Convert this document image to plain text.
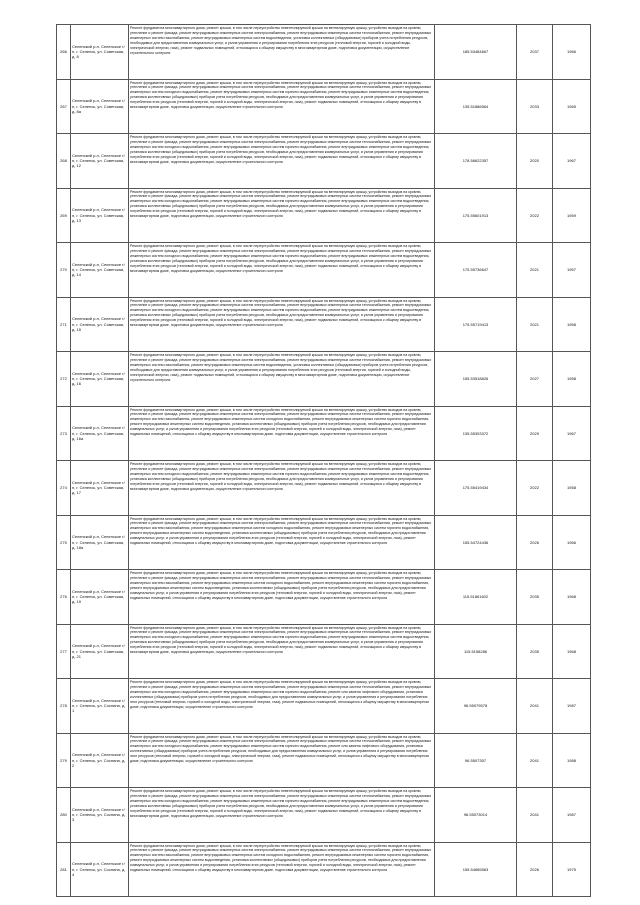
266	Селенский р-н, Селенское г/п, г. Селенск, ул. Советская, д. 8	Ремонт фундамента многоквартирного дома, ремонт крыши, в том числе переустройство невентилируемой крыши на вентилируемую крышу, устройство выходов на кровлю, утепление и ремонт фасада, ремонт внутридомовых инженерных систем электроснабжения, ремонт внутридомовых инженерных систем теплоснабжения, ремонт внутридомовых инженерных систем газоснабжения, ремонт внутридомовых инженерных систем водоотведения, установка коллективных (общедомовых) приборов учета потребления ресурсов, необходимых для предоставления коммунальных услуг, и узлов управления и регулирования потребления этих ресурсов (тепловой энергии, горячей и холодной воды, электрической энергии, газа), ремонт подвальных помещений, относящихся к общему имуществу в многоквартирном доме, подготовка документации, осуществление строительного контроля	185.53484667	2037	1966
267	Селенский р-н, Селенское г/п, г. Селенск, ул. Советская, д. 8а	Ремонт фундамента многоквартирного дома, ремонт крыши, в том числе переустройство невентилируемой крыши на вентилируемую крышу, устройство выходов на кровлю, утепление и ремонт фасада, ремонт внутридомовых инженерных систем электроснабжения, ремонт внутридомовых инженерных систем теплоснабжения, ремонт внутридомовых инженерных систем холодного водоснабжения, ремонт внутридомовых инженерных систем горячего водоснабжения, ремонт внутридомовых инженерных систем водоотведения, установка коллективных (общедомовых) приборов учета потребления ресурсов, необходимых для предоставления коммунальных услуг, и узлов управления и регулирования потребления этих ресурсов (тепловой энергии, горячей и холодной воды, электрической энергии, газа), ремонт подвальных помещений, относящихся к общему имуществу в многоквартирном доме, подготовка документации, осуществление строительного контроля	135.51886564	2033	1965
268	Селенский р-н, Селенское г/п, г. Селенск, ул. Советская, д. 12	Ремонт фундамента многоквартирного дома, ремонт крыши, в том числе переустройство невентилируемой крыши на вентилируемую крышу, устройство выходов на кровлю, утепление и ремонт фасада, ремонт внутридомовых инженерных систем электроснабжения, ремонт внутридомовых инженерных систем теплоснабжения, ремонт внутридомовых инженерных систем холодного водоснабжения, ремонт внутридомовых инженерных систем горячего водоснабжения, ремонт внутридомовых инженерных систем водоотведения, установка коллективных (общедомовых) приборов учета потребления ресурсов, необходимых для предоставления коммунальных услуг, и узлов управления и регулирования потребления этих ресурсов (тепловой энергии, горячей и холодной воды, электрической энергии, газа), ремонт подвальных помещений, относящихся к общему имуществу в многоквартирном доме, подготовка документации, осуществление строительного контроля	178.56622357	2020	1967
269	Селенский р-н, Селенское г/п, г. Селенск, ул. Советская, д. 13	Ремонт фундамента многоквартирного дома, ремонт крыши, в том числе переустройство невентилируемой крыши на вентилируемую крышу, устройство выходов на кровлю, утепление и ремонт фасада, ремонт внутридомовых инженерных систем электроснабжения, ремонт внутридомовых инженерных систем теплоснабжения, ремонт внутридомовых инженерных систем холодного водоснабжения, ремонт внутридомовых инженерных систем горячего водоснабжения, ремонт внутридомовых инженерных систем водоотведения, установка коллективных (общедомовых) приборов учета потребления ресурсов, необходимых для предоставления коммунальных услуг, и узлов управления и регулирования потребления этих ресурсов (тепловой энергии, горячей и холодной воды, электрической энергии, газа), ремонт подвальных помещений, относящихся к общему имуществу в многоквартирном доме, подготовка документации, осуществление строительного контроля	175.55601913	2022	1959
270	Селенский р-н, Селенское г/п, г. Селенск, ул. Советская, д. 14	Ремонт фундамента многоквартирного дома, ремонт крыши, в том числе переустройство невентилируемой крыши на вентилируемую крышу, устройство выходов на кровлю, утепление и ремонт фасада, ремонт внутридомовых инженерных систем электроснабжения, ремонт внутридомовых инженерных систем теплоснабжения, ремонт внутридомовых инженерных систем холодного водоснабжения, ремонт внутридомовых инженерных систем горячего водоснабжения, ремонт внутридомовых инженерных систем водоотведения, установка коллективных (общедомовых) приборов учета потребления ресурсов, необходимых для предоставления коммунальных услуг, и узлов управления и регулирования потребления этих ресурсов (тепловой энергии, горячей и холодной воды, электрической энергии, газа), ремонт подвальных помещений, относящихся к общему имуществу в многоквартирном доме, подготовка документации, осуществление строительного контроля	175.55736647	2021	1957
271	Селенский р-н, Селенское г/п, г. Селенск, ул. Советская, д. 15	Ремонт фундамента многоквартирного дома, ремонт крыши, в том числе переустройство невентилируемой крыши на вентилируемую крышу, устройство выходов на кровлю, утепление и ремонт фасада, ремонт внутридомовых инженерных систем электроснабжения, ремонт внутридомовых инженерных систем теплоснабжения, ремонт внутридомовых инженерных систем холодного водоснабжения, ремонт внутридомовых инженерных систем горячего водоснабжения, ремонт внутридомовых инженерных систем водоотведения, установка коллективных (общедомовых) приборов учета потребления ресурсов, необходимых для предоставления коммунальных услуг, и узлов управления и регулирования потребления этих ресурсов (тепловой энергии, горячей и холодной воды, электрической энергии, газа), ремонт подвальных помещений, относящихся к общему имуществу в многоквартирном доме, подготовка документации, осуществление строительного контроля	175.55719413	2021	1958
272	Селенский р-н, Селенское г/п, г. Селенск, ул. Советская, д. 16	Ремонт фундамента многоквартирного дома, ремонт крыши, в том числе переустройство невентилируемой крыши на вентилируемую крышу, устройство выходов на кровлю, утепление и ремонт фасада, ремонт внутридомовых инженерных систем электроснабжения, ремонт внутридомовых инженерных систем теплоснабжения, ремонт внутридомовых инженерных систем газоснабжения, ремонт внутридомовых инженерных систем водоотведения, установка коллективных (общедомовых) приборов учета потребления ресурсов, необходимых для предоставления коммунальных услуг, и узлов управления и регулирования потребления этих ресурсов (тепловой энергии, горячей и холодной воды, электрической энергии, газа), ремонт подвальных помещений, относящихся к общему имуществу в многоквартирном доме, подготовка документации, осуществление строительного контроля	155.53518826	2027	1958
273	Селенский р-н, Селенское г/п, г. Селенск, ул. Советская, д. 16а	Ремонт фундамента многоквартирного дома, ремонт крыши, в том числе переустройство невентилируемой крыши на вентилируемую крышу, устройство выходов на кровлю, утепление и ремонт фасада, ремонт внутридомовых инженерных систем электроснабжения, ремонт внутридомовых инженерных систем теплоснабжения, ремонт внутридомовых инженерных систем газоснабжения, ремонт внутридомовых инженерных систем холодного водоснабжения, ремонт внутридомовых инженерных систем горячего водоснабжения, ремонт внутридомовых инженерных систем водоотведения, установка коллективных (общедомовых) приборов учета потребления ресурсов, необходимых для предоставления коммунальных услуг, и узлов управления и регулирования потребления этих ресурсов (тепловой энергии, горячей и холодной воды, электрической энергии, газа), ремонт подвальных помещений, относящихся к общему имуществу в многоквартирном доме, подготовка документации, осуществление строительного контроля	135.55393372	2029	1967
274	Селенский р-н, Селенское г/п, г. Селенск, ул. Советская, д. 17	Ремонт фундамента многоквартирного дома, ремонт крыши, в том числе переустройство невентилируемой крыши на вентилируемую крышу, устройство выходов на кровлю, утепление и ремонт фасада, ремонт внутридомовых инженерных систем электроснабжения, ремонт внутридомовых инженерных систем теплоснабжения, ремонт внутридомовых инженерных систем холодного водоснабжения, ремонт внутридомовых инженерных систем горячего водоснабжения, ремонт внутридомовых инженерных систем водоотведения, установка коллективных (общедомовых) приборов учета потребления ресурсов, необходимых для предоставления коммунальных услуг, и узлов управления и регулирования потребления этих ресурсов (тепловой энергии, горячей и холодной воды, электрической энергии, газа), ремонт подвальных помещений, относящихся к общему имуществу в многоквартирном доме, подготовка документации, осуществление строительного контроля	175.55419434	2022	1958
275	Селенский р-н, Селенское г/п, г. Селенск, ул. Советская, д. 18а	Ремонт фундамента многоквартирного дома, ремонт крыши, в том числе переустройство невентилируемой крыши на вентилируемую крышу, устройство выходов на кровлю, утепление и ремонт фасада, ремонт внутридомовых инженерных систем электроснабжения, ремонт внутридомовых инженерных систем теплоснабжения, ремонт внутридомовых инженерных систем газоснабжения, ремонт внутридомовых инженерных систем холодного водоснабжения, ремонт внутридомовых инженерных систем горячего водоснабжения, ремонт внутридомовых инженерных систем водоотведения, установка коллективных (общедомовых) приборов учета потребления ресурсов, необходимых для предоставления коммунальных услуг, и узлов управления и регулирования потребления этих ресурсов (тепловой энергии, горячей и холодной воды, электрической энергии, газа), ремонт подвальных помещений, относящихся к общему имуществу в многоквартирном доме, подготовка документации, осуществление строительного контроля	155.54724436	2026	1966
276	Селенский р-н, Селенское г/п, г. Селенск, ул. Советская, д. 19	Ремонт фундамента многоквартирного дома, ремонт крыши, в том числе переустройство невентилируемой крыши на вентилируемую крышу, устройство выходов на кровлю, утепление и ремонт фасада, ремонт внутридомовых инженерных систем электроснабжения, ремонт внутридомовых инженерных систем теплоснабжения, ремонт внутридомовых инженерных систем газоснабжения, ремонт внутридомовых инженерных систем холодного водоснабжения, ремонт внутридомовых инженерных систем горячего водоснабжения, ремонт внутридомовых инженерных систем водоотведения, установка коллективных (общедомовых) приборов учета потребления ресурсов, необходимых для предоставления коммунальных услуг, и узлов управления и регулирования потребления этих ресурсов (тепловой энергии, горячей и холодной воды, электрической энергии, газа), ремонт подвальных помещений, относящихся к общему имуществу в многоквартирном доме, подготовка документации, осуществление строительного контроля	115.51861602	2035	1968
277	Селенский р-н, Селенское г/п, г. Селенск, ул. Советская, д. 21	Ремонт фундамента многоквартирного дома, ремонт крыши, в том числе переустройство невентилируемой крыши на вентилируемую крышу, устройство выходов на кровлю, утепление и ремонт фасада, ремонт внутридомовых инженерных систем электроснабжения, ремонт внутридомовых инженерных систем теплоснабжения, ремонт внутридомовых инженерных систем холодного водоснабжения, ремонт внутридомовых инженерных систем горячего водоснабжения, ремонт внутридомовых инженерных систем водоотведения, установка коллективных (общедомовых) приборов учета потребления ресурсов, необходимых для предоставления коммунальных услуг, и узлов управления и регулирования потребления этих ресурсов (тепловой энергии, горячей и холодной воды, электрической энергии, газа), ремонт подвальных помещений, относящихся к общему имуществу в многоквартирном доме, подготовка документации, осуществление строительного контроля	115.5158286	2035	1968
278	Селенский р-н, Селенское г/п, г. Селенск, ул. Соснина, д. 1	Ремонт фундамента многоквартирного дома, ремонт крыши, в том числе переустройство невентилируемой крыши на вентилируемую крышу, устройство выходов на кровлю, утепление и ремонт фасада, ремонт внутридомовых инженерных систем электроснабжения, ремонт внутридомовых инженерных систем теплоснабжения, ремонт внутридомовых инженерных систем холодного водоснабжения, ремонт внутридомовых инженерных систем горячего водоснабжения, ремонт или замена лифтового оборудования, установка коллективных (общедомовых) приборов учета потребления ресурсов, необходимых для предоставления коммунальных услуг, и узлов управления и регулирования потребления этих ресурсов (тепловой энергии, горячей и холодной воды, электрической энергии, газа), ремонт подвальных помещений, относящихся к общему имуществу в многоквартирном доме, подготовка документации, осуществление строительного контроля	96.55079578	2041	1987
279	Селенский р-н, Селенское г/п, г. Селенск, ул. Соснина, д. 2	Ремонт фундамента многоквартирного дома, ремонт крыши, в том числе переустройство невентилируемой крыши на вентилируемую крышу, устройство выходов на кровлю, утепление и ремонт фасада, ремонт внутридомовых инженерных систем электроснабжения, ремонт внутридомовых инженерных систем теплоснабжения, ремонт внутридомовых инженерных систем холодного водоснабжения, ремонт внутридомовых инженерных систем горячего водоснабжения, ремонт или замена лифтового оборудования, установка коллективных (общедомовых) приборов учета потребления ресурсов, необходимых для предоставления коммунальных услуг, и узлов управления и регулирования потребления этих ресурсов (тепловой энергии, горячей и холодной воды, электрической энергии, газа), ремонт подвальных помещений, относящихся к общему имуществу в многоквартирном доме, подготовка документации, осуществление строительного контроля	96.5507357	2041	1988
280	Селенский р-н, Селенское г/п, г. Селенск, ул. Соснина, д. 3	Ремонт фундамента многоквартирного дома, ремонт крыши, в том числе переустройство невентилируемой крыши на вентилируемую крышу, устройство выходов на кровлю, утепление и ремонт фасада, ремонт внутридомовых инженерных систем электроснабжения, ремонт внутридомовых инженерных систем теплоснабжения, ремонт внутридомовых инженерных систем холодного водоснабжения, ремонт внутридомовых инженерных систем горячего водоснабжения, ремонт внутридомовых инженерных систем водоотведения, установка коллективных (общедомовых) приборов учета потребления ресурсов, необходимых для предоставления коммунальных услуг, и узлов управления и регулирования потребления этих ресурсов (тепловой энергии, горячей и холодной воды, электрической энергии, газа), ремонт подвальных помещений, относящихся к общему имуществу в многоквартирном доме, подготовка документации, осуществление строительного контроля	96.55073014	2041	1987
281	Селенский р-н, Селенское г/п, г. Селенск, ул. Соснина, д. 4	Ремонт фундамента многоквартирного дома, ремонт крыши, в том числе переустройство невентилируемой крыши на вентилируемую крышу, устройство выходов на кровлю, утепление и ремонт фасада, ремонт внутридомовых инженерных систем электроснабжения, ремонт внутридомовых инженерных систем теплоснабжения, ремонт внутридомовых инженерных систем газоснабжения, ремонт внутридомовых инженерных систем холодного водоснабжения, ремонт внутридомовых инженерных систем горячего водоснабжения, ремонт внутридомовых инженерных систем водоотведения, установка коллективных (общедомовых) приборов учета потребления ресурсов, необходимых для предоставления коммунальных услуг, и узлов управления и регулирования потребления этих ресурсов (тепловой энергии, горячей и холодной воды, электрической энергии, газа), ремонт подвальных помещений, относящихся к общему имуществу в многоквартирном доме, подготовка документации, осуществление строительного контроля	155.54685563	2026	1975
